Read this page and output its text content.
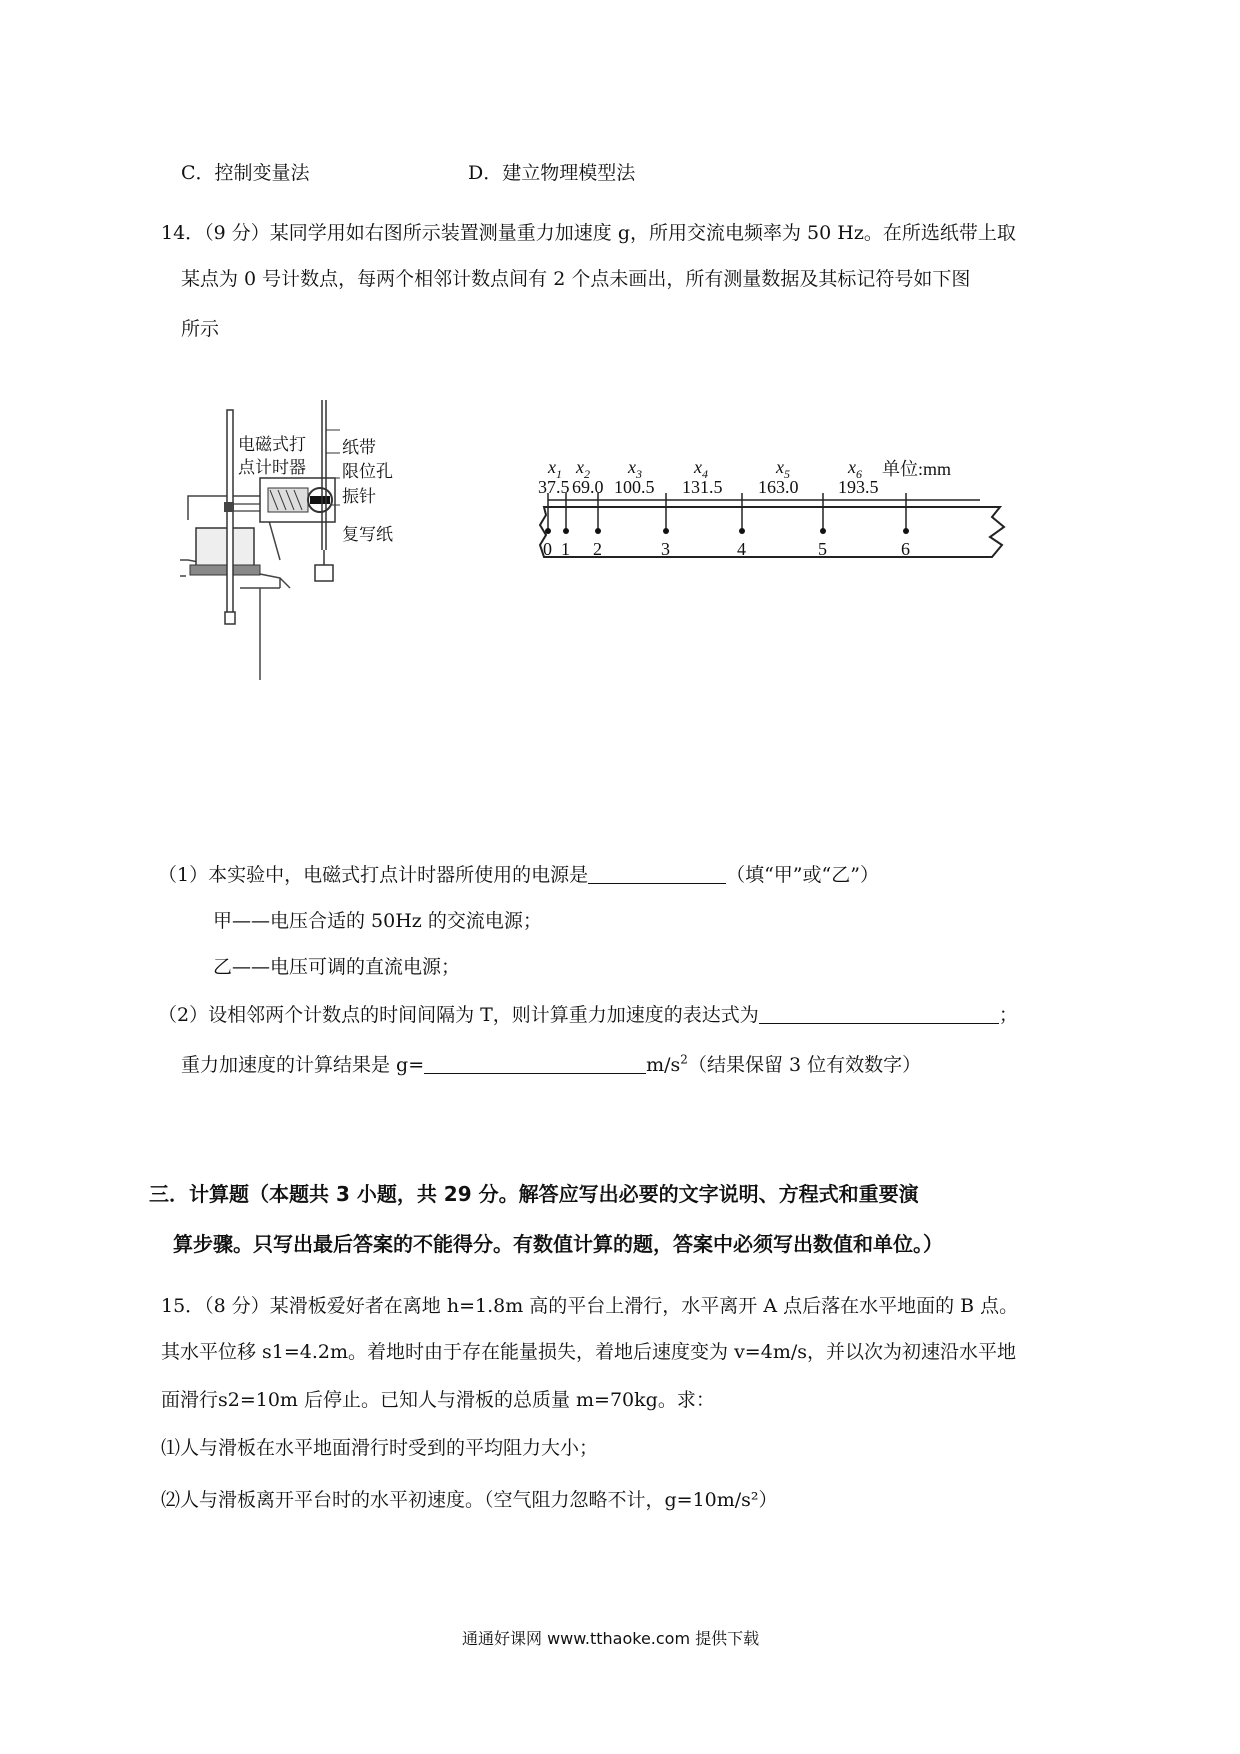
C．控制变量法	D．建立物理模型法
14．（9 分）某同学用如右图所示装置测量重力加速度 g，所用交流电频率为 50 Hz。在所选纸带上取
某点为 0 号计数点，每两个相邻计数点间有 2 个点未画出，所有测量数据及其标记符号如下图
所示
电磁式打
点计时器
纸带
限位孔
振针
复写纸
0 1 2	3	4	5	6
37.5 69.0 100.5 131.5 163.0 193.5
$x_1$ $x_2$ $x_3$	$x_4$	$x_5$	$x_6$ 单位:mm
（1）本实验中，电磁式打点计时器所使用的电源是	（填“甲”或“乙”）
甲——电压合适的 50Hz 的交流电源；
乙——电压可调的直流电源；
（2）设相邻两个计数点的时间间隔为 T，则计算重力加速度的表达式为	；
重力加速度的计算结果是 g=	$m/s^2$（结果保留 3 位有效数字）
三．计算题（本题共 3 小题，共 29 分。解答应写出必要的文字说明、方程式和重要演
算步骤。只写出最后答案的不能得分。有数值计算的题，答案中必须写出数值和单位。）
15．（8 分）某滑板爱好者在离地 h=1.8m 高的平台上滑行，水平离开 A 点后落在水平地面的 B 点。
其水平位移 s1=4.2m。着地时由于存在能量损失，着地后速度变为 v=4m/s，并以次为初速沿水平地
面滑行s2=10m 后停止。已知人与滑板的总质量 m=70kg。求：
⑴人与滑板在水平地面滑行时受到的平均阻力大小；
⑵人与滑板离开平台时的水平初速度。（空气阻力忽略不计，g=10m/s²）
通通好课网 www.tthaoke.com 提供下载
